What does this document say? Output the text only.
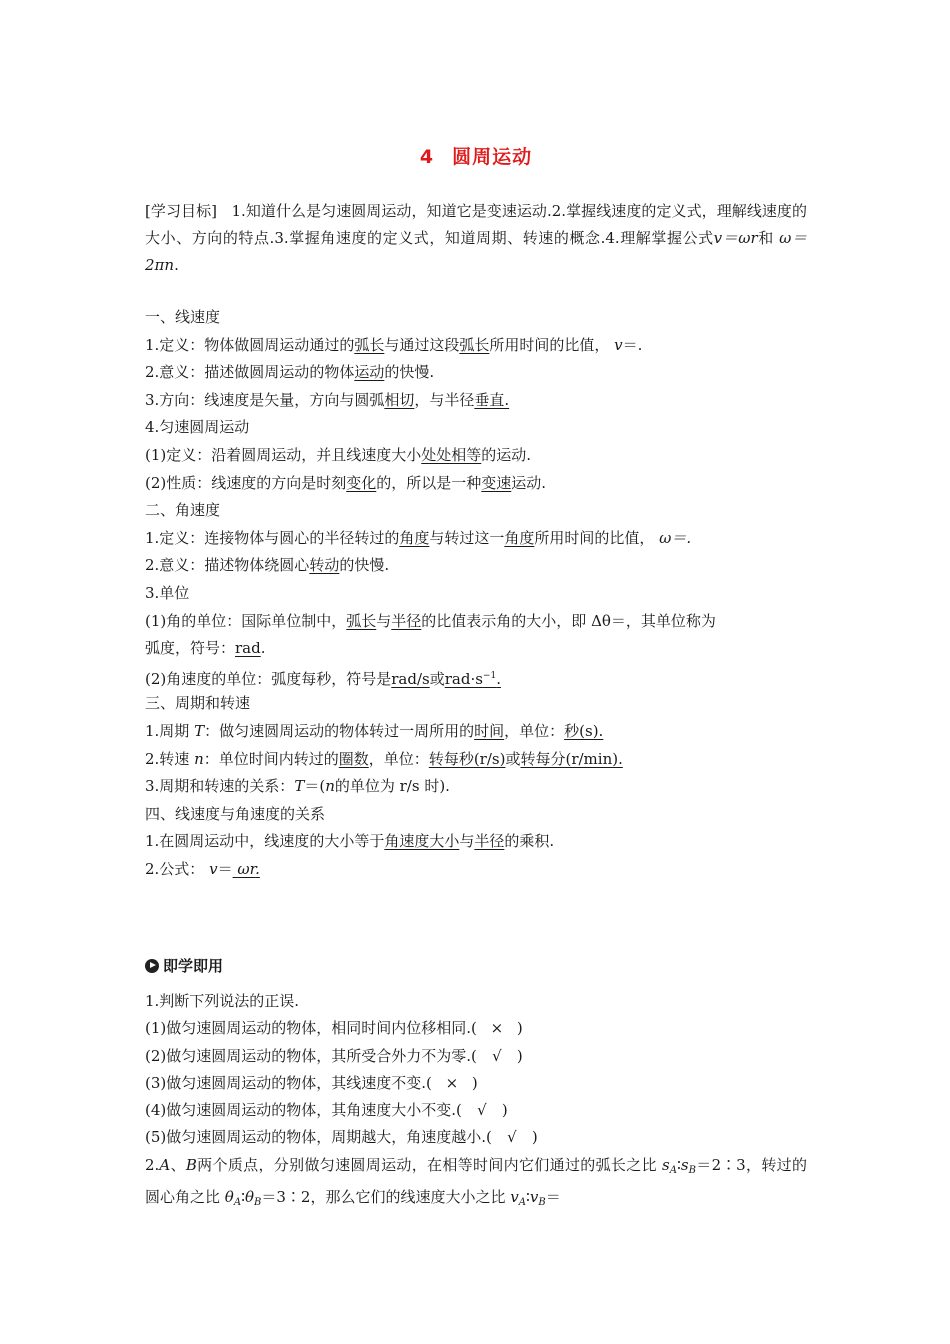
4 圆周运动
[学习目标] 1.知道什么是匀速圆周运动，知道它是变速运动.2.掌握线速度的定义式，理解线速度的大小、方向的特点.3.掌握角速度的定义式，知道周期、转速的概念.4.理解掌握公式v＝ωr和 ω＝2πn.
一、线速度
1.定义：物体做圆周运动通过的弧长与通过这段弧长所用时间的比值， v＝.
2.意义：描述做圆周运动的物体运动的快慢.
3.方向：线速度是矢量，方向与圆弧相切，与半径垂直.
4.匀速圆周运动
(1)定义：沿着圆周运动，并且线速度大小处处相等的运动.
(2)性质：线速度的方向是时刻变化的，所以是一种变速运动.
二、角速度
1.定义：连接物体与圆心的半径转过的角度与转过这一角度所用时间的比值， ω＝.
2.意义：描述物体绕圆心转动的快慢.
3.单位
(1)角的单位：国际单位制中，弧长与半径的比值表示角的大小，即 Δθ＝，其单位称为
弧度，符号：rad.
(2)角速度的单位：弧度每秒，符号是rad/s或$rad\cdot s^{-1}$.
三、周期和转速
1.周期 T：做匀速圆周运动的物体转过一周所用的时间，单位：秒(s).
2.转速 n：单位时间内转过的圈数，单位：转每秒(r/s)或转每分(r/min).
3.周期和转速的关系：T＝(n的单位为 r/s 时).
四、线速度与角速度的关系
1.在圆周运动中，线速度的大小等于角速度大小与半径的乘积.
2.公式： v＝ ωr.
即学即用
1.判断下列说法的正误.
(1)做匀速圆周运动的物体，相同时间内位移相同.( × )
(2)做匀速圆周运动的物体，其所受合外力不为零.( √ )
(3)做匀速圆周运动的物体，其线速度不变.( × )
(4)做匀速圆周运动的物体，其角速度大小不变.( √ )
(5)做匀速圆周运动的物体，周期越大，角速度越小.( √ )
2.A、B两个质点，分别做匀速圆周运动，在相等时间内它们通过的弧长之比 $s_A∶s_B=2∶3$，转过的圆心角之比 $\theta_A∶\theta_B=3∶2$，那么它们的线速度大小之比 $v_A∶v_B=$
